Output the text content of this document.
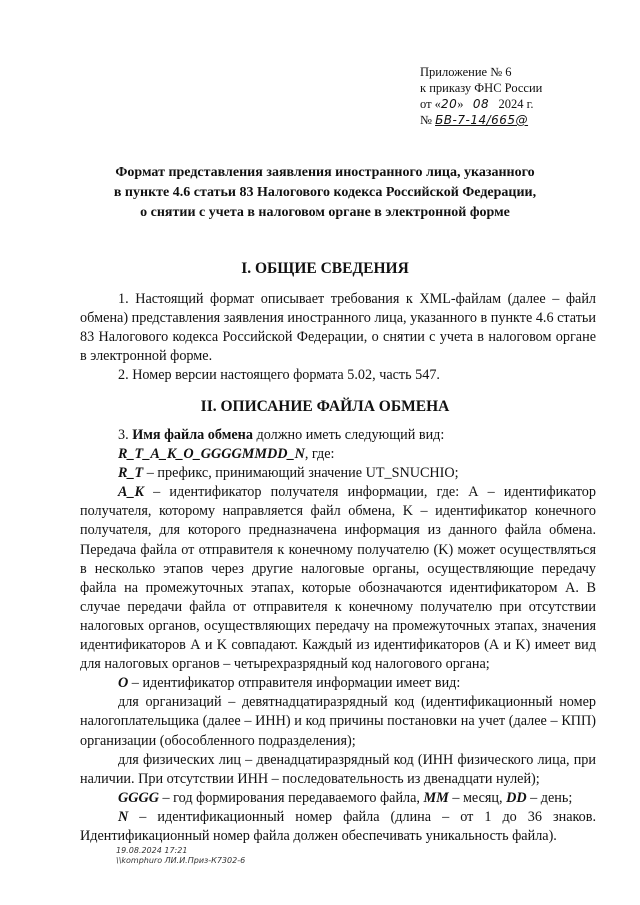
Приложение № 6
к приказу ФНС России
от «20» 08 2024 г.
№ БВ-7-14/665@
Формат представления заявления иностранного лица, указанного
в пункте 4.6 статьи 83 Налогового кодекса Российской Федерации,
о снятии с учета в налоговом органе в электронной форме
I. ОБЩИЕ СВЕДЕНИЯ

1. Настоящий формат описывает требования к XML-файлам (далее – файл обмена) представления заявления иностранного лица, указанного в пункте 4.6 статьи 83 Налогового кодекса Российской Федерации, о снятии с учета в налоговом органе в электронной форме.

2. Номер версии настоящего формата 5.02, часть 547.

II. ОПИСАНИЕ ФАЙЛА ОБМЕНА

3. Имя файла обмена должно иметь следующий вид:

R_T_A_K_O_GGGGMMDD_N, где:

R_T – префикс, принимающий значение UT_SNUCHIO;

A_K – идентификатор получателя информации, где: А – идентификатор получателя, которому направляется файл обмена, K – идентификатор конечного получателя, для которого предназначена информация из данного файла обмена. Передача файла от отправителя к конечному получателю (K) может осуществляться в несколько этапов через другие налоговые органы, осуществляющие передачу файла на промежуточных этапах, которые обозначаются идентификатором А. В случае передачи файла от отправителя к конечному получателю при отсутствии налоговых органов, осуществляющих передачу на промежуточных этапах, значения идентификаторов А и K совпадают. Каждый из идентификаторов (А и K) имеет вид для налоговых органов – четырехразрядный код налогового органа;

O – идентификатор отправителя информации имеет вид:

для организаций – девятнадцатиразрядный код (идентификационный номер налогоплательщика (далее – ИНН) и код причины постановки на учет (далее – КПП) организации (обособленного подразделения);

для физических лиц – двенадцатиразрядный код (ИНН физического лица, при наличии. При отсутствии ИНН – последовательность из двенадцати нулей);

GGGG – год формирования передаваемого файла, MM – месяц, DD – день;

N – идентификационный номер файла (длина – от 1 до 36 знаков. Идентификационный номер файла должен обеспечивать уникальность файла).

19.08.2024 17:21
\\komphuro ЛИ.И.Приз-К7302-6
